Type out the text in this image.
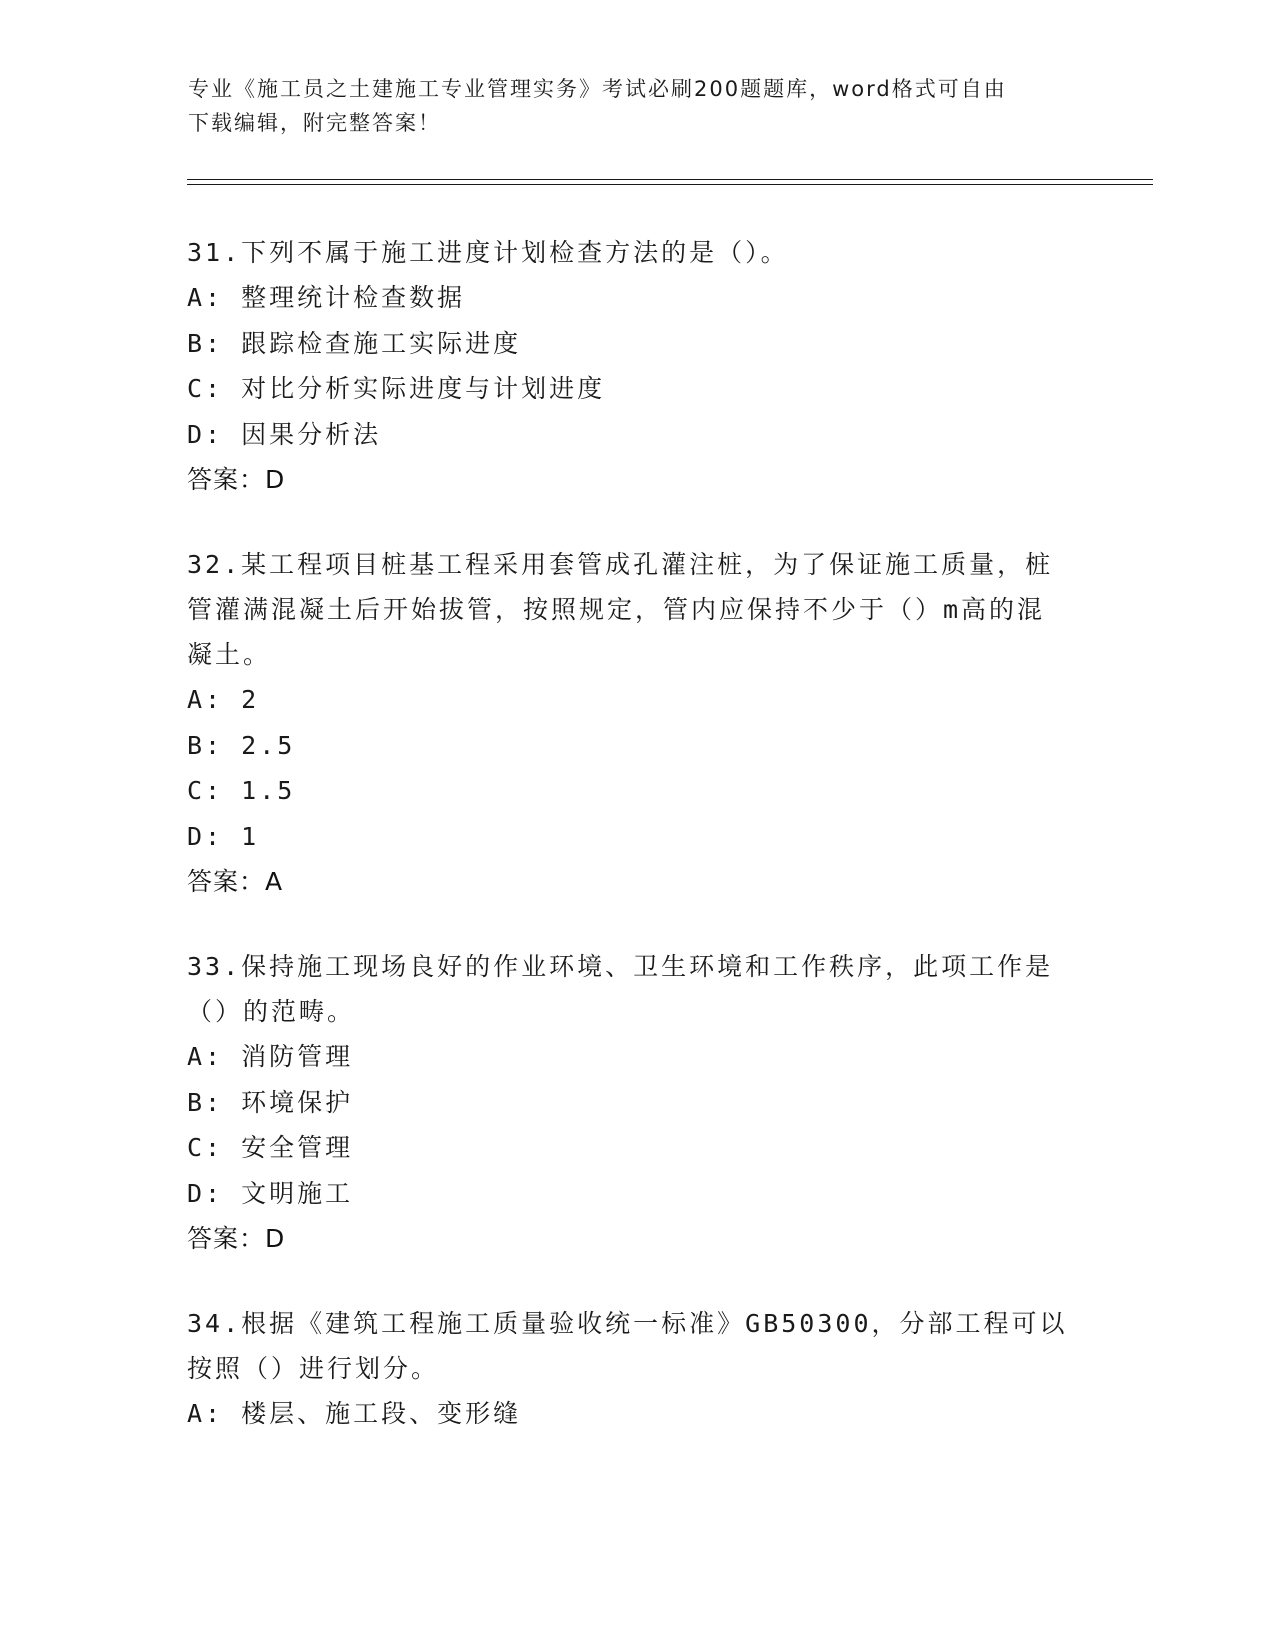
专业《施工员之土建施工专业管理实务》考试必刷200题题库，word格式可自由
下载编辑，附完整答案！

31.下列不属于施工进度计划检查方法的是（）。

A: 整理统计检查数据

B: 跟踪检查施工实际进度

C: 对比分析实际进度与计划进度

D: 因果分析法

答案：D

32.某工程项目桩基工程采用套管成孔灌注桩，为了保证施工质量，桩

管灌满混凝土后开始拔管，按照规定，管内应保持不少于（）m高的混

凝土。

A: 2

B: 2.5

C: 1.5

D: 1

答案：A

33.保持施工现场良好的作业环境、卫生环境和工作秩序，此项工作是

（）的范畴。

A: 消防管理

B: 环境保护

C: 安全管理

D: 文明施工

答案：D

34.根据《建筑工程施工质量验收统一标准》GB50300，分部工程可以

按照（）进行划分。

A: 楼层、施工段、变形缝
